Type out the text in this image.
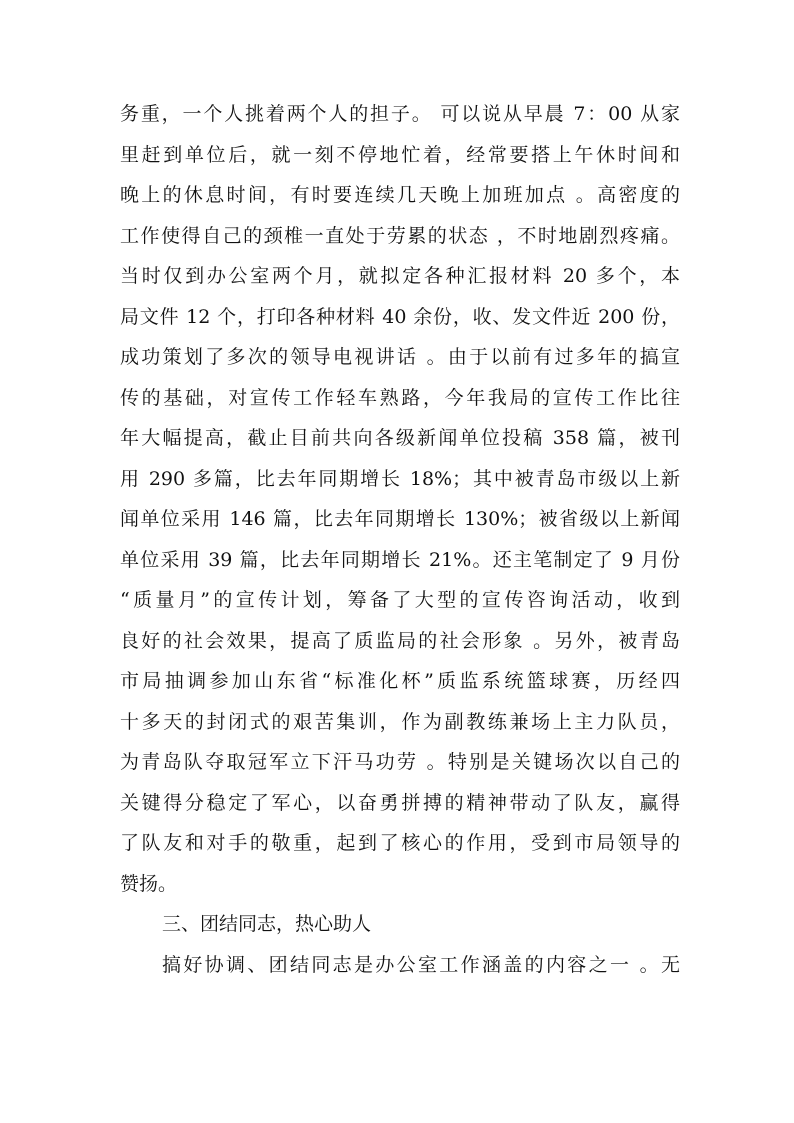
务重，一个人挑着两个人的担子。 可以说从早晨 7：00 从家
里赶到单位后，就一刻不停地忙着，经常要搭上午休时间和
晚上的休息时间，有时要连续几天晚上加班加点 。高密度的
工作使得自己的颈椎一直处于劳累的状态 ，不时地剧烈疼痛。
当时仅到办公室两个月，就拟定各种汇报材料 20 多个，本
局文件 12 个，打印各种材料 40 余份，收、发文件近 200 份，
成功策划了多次的领导电视讲话 。由于以前有过多年的搞宣
传的基础，对宣传工作轻车熟路，今年我局的宣传工作比往
年大幅提高，截止目前共向各级新闻单位投稿 358 篇，被刊
用 290 多篇，比去年同期增长 18%；其中被青岛市级以上新
闻单位采用 146 篇，比去年同期增长 130%；被省级以上新闻
单位采用 39 篇，比去年同期增长 21%。还主笔制定了 9 月份
“质量月”的宣传计划，筹备了大型的宣传咨询活动，收到
良好的社会效果，提高了质监局的社会形象 。另外，被青岛
市局抽调参加山东省“标准化杯”质监系统篮球赛，历经四
十多天的封闭式的艰苦集训，作为副教练兼场上主力队员，
为青岛队夺取冠军立下汗马功劳 。特别是关键场次以自己的
关键得分稳定了军心，以奋勇拼搏的精神带动了队友，赢得
了队友和对手的敬重，起到了核心的作用，受到市局领导的
赞扬。
三、团结同志，热心助人
搞好协调、团结同志是办公室工作涵盖的内容之一 。无
